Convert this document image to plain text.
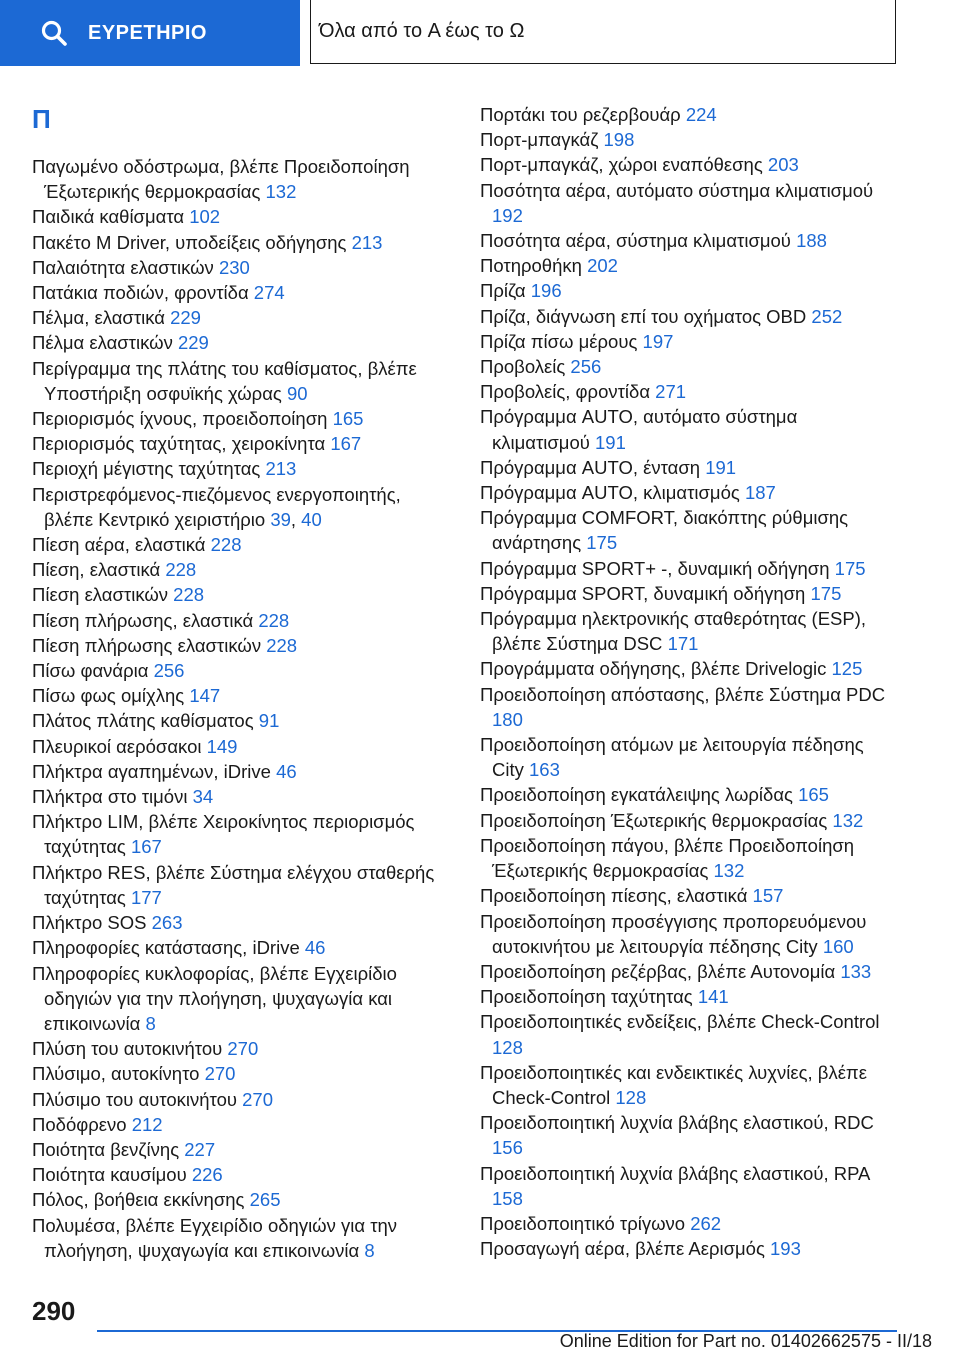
ΕΥΡΕΤΗΡΙΟ	Όλα από το A έως το Ω
Π

Παγωμένο οδόστρωμα, βλέπε Προειδοποίηση Έξωτερικής θερμοκρασίας 132

Παιδικά καθίσματα 102

Πακέτο M Driver, υποδείξεις οδήγησης 213

Παλαιότητα ελαστικών 230

Πατάκια ποδιών, φροντίδα 274

Πέλμα, ελαστικά 229

Πέλμα ελαστικών 229

Περίγραμμα της πλάτης του καθίσματος, βλέπε Υποστήριξη οσφυϊκής χώρας 90

Περιορισμός ίχνους, προειδοποίηση 165

Περιορισμός ταχύτητας, χειροκίνητα 167

Περιοχή μέγιστης ταχύτητας 213

Περιστρεφόμενος-πιεζόμενος ενεργοποιητής, βλέπε Κεντρικό χειριστήριο 39, 40

Πίεση αέρα, ελαστικά 228

Πίεση, ελαστικά 228

Πίεση ελαστικών 228

Πίεση πλήρωσης, ελαστικά 228

Πίεση πλήρωσης ελαστικών 228

Πίσω φανάρια 256

Πίσω φως ομίχλης 147

Πλάτος πλάτης καθίσματος 91

Πλευρικοί αερόσακοι 149

Πλήκτρα αγαπημένων, iDrive 46

Πλήκτρα στο τιμόνι 34

Πλήκτρο LIM, βλέπε Χειροκίνητος περιορισμός ταχύτητας 167

Πλήκτρο RES, βλέπε Σύστημα ελέγχου σταθερής ταχύτητας 177

Πλήκτρο SOS 263

Πληροφορίες κατάστασης, iDrive 46

Πληροφορίες κυκλοφορίας, βλέπε Εγχειρίδιο οδηγιών για την πλοήγηση, ψυχαγωγία και επικοινωνία 8

Πλύση του αυτοκινήτου 270

Πλύσιμο, αυτοκίνητο 270

Πλύσιμο του αυτοκινήτου 270

Ποδόφρενο 212

Ποιότητα βενζίνης 227

Ποιότητα καυσίμου 226

Πόλος, βοήθεια εκκίνησης 265

Πολυμέσα, βλέπε Εγχειρίδιο οδηγιών για την πλοήγηση, ψυχαγωγία και επικοινωνία 8

Πορτάκι του ρεζερβουάρ 224

Πορτ-μπαγκάζ 198

Πορτ-μπαγκάζ, χώροι εναπόθεσης 203

Ποσότητα αέρα, αυτόματο σύστημα κλιματισμού 192

Ποσότητα αέρα, σύστημα κλιματισμού 188

Ποτηροθήκη 202

Πρίζα 196

Πρίζα, διάγνωση επί του οχήματος OBD 252

Πρίζα πίσω μέρους 197

Προβολείς 256

Προβολείς, φροντίδα 271

Πρόγραμμα AUTO, αυτόματο σύστημα κλιματισμού 191

Πρόγραμμα AUTO, ένταση 191

Πρόγραμμα AUTO, κλιματισμός 187

Πρόγραμμα COMFORT, διακόπτης ρύθμισης ανάρτησης 175

Πρόγραμμα SPORT+ -, δυναμική οδήγηση 175

Πρόγραμμα SPORT, δυναμική οδήγηση 175

Πρόγραμμα ηλεκτρονικής σταθερότητας (ESP), βλέπε Σύστημα DSC 171

Προγράμματα οδήγησης, βλέπε Drivelogic 125

Προειδοποίηση απόστασης, βλέπε Σύστημα PDC 180

Προειδοποίηση ατόμων με λειτουργία πέδησης City 163

Προειδοποίηση εγκατάλειψης λωρίδας 165

Προειδοποίηση Έξωτερικής θερμοκρασίας 132

Προειδοποίηση πάγου, βλέπε Προειδοποίηση Έξωτερικής θερμοκρασίας 132

Προειδοποίηση πίεσης, ελαστικά 157

Προειδοποίηση προσέγγισης προπορευόμενου αυτοκινήτου με λειτουργία πέδησης City 160

Προειδοποίηση ρεζέρβας, βλέπε Αυτονομία 133

Προειδοποίηση ταχύτητας 141

Προειδοποιητικές ενδείξεις, βλέπε Check-Control 128

Προειδοποιητικές και ενδεικτικές λυχνίες, βλέπε Check-Control 128

Προειδοποιητική λυχνία βλάβης ελαστικού, RDC 156

Προειδοποιητική λυχνία βλάβης ελαστικού, RPA 158

Προειδοποιητικό τρίγωνο 262

Προσαγωγή αέρα, βλέπε Αερισμός 193

290
Online Edition for Part no. 01402662575 - II/18
